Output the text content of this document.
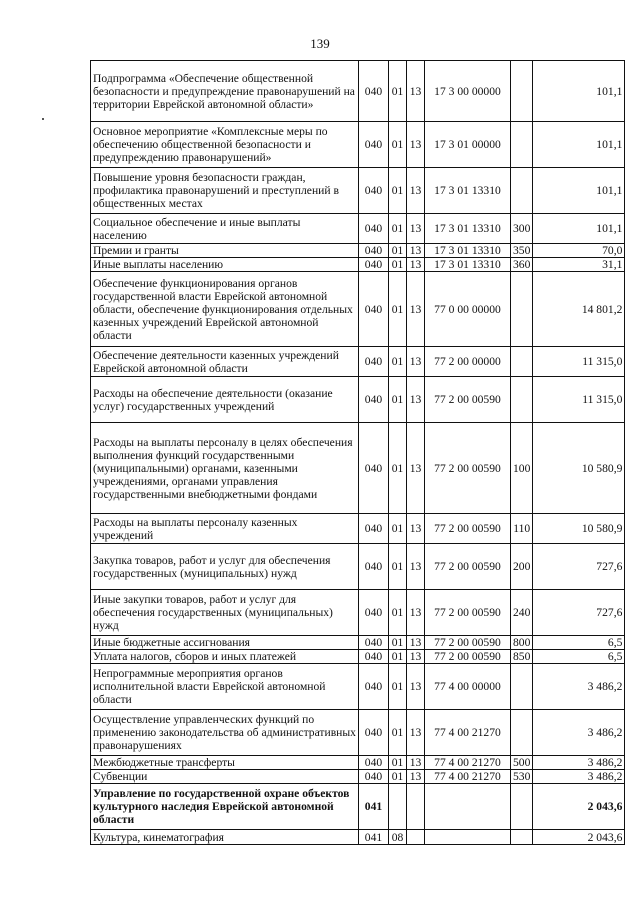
139
Подпрограмма «Обеспечение общественной безопасности и предупреждение правонарушений на территории Еврейской автономной области»	040	01	13	17 3 00 00000		101,1
Основное мероприятие «Комплексные меры по обеспечению общественной безопасности и предупреждению правонарушений»	040	01	13	17 3 01 00000		101,1
Повышение уровня безопасности граждан, профилактика правонарушений и преступлений в общественных местах	040	01	13	17 3 01 13310		101,1
Социальное обеспечение и иные выплаты населению	040	01	13	17 3 01 13310	300	101,1
Премии и гранты	040	01	13	17 3 01 13310	350	70,0
Иные выплаты населению	040	01	13	17 3 01 13310	360	31,1
Обеспечение функционирования органов государственной власти Еврейской автономной области, обеспечение функционирования отдельных казенных учреждений Еврейской автономной области	040	01	13	77 0 00 00000		14 801,2
Обеспечение деятельности казенных учреждений Еврейской автономной области	040	01	13	77 2 00 00000		11 315,0
Расходы на обеспечение деятельности (оказание услуг) государственных учреждений	040	01	13	77 2 00 00590		11 315,0
Расходы на выплаты персоналу в целях обеспечения выполнения функций государственными (муниципальными) органами, казенными учреждениями, органами управления государственными внебюджетными фондами	040	01	13	77 2 00 00590	100	10 580,9
Расходы на выплаты персоналу казенных учреждений	040	01	13	77 2 00 00590	110	10 580,9
Закупка товаров, работ и услуг для обеспечения государственных (муниципальных) нужд	040	01	13	77 2 00 00590	200	727,6
Иные закупки товаров, работ и услуг для обеспечения государственных (муниципальных) нужд	040	01	13	77 2 00 00590	240	727,6
Иные бюджетные ассигнования	040	01	13	77 2 00 00590	800	6,5
Уплата налогов, сборов и иных платежей	040	01	13	77 2 00 00590	850	6,5
Непрограммные мероприятия органов исполнительной власти Еврейской автономной области	040	01	13	77 4 00 00000		3 486,2
Осуществление управленческих функций по применению законодательства об административных правонарушениях	040	01	13	77 4 00 21270		3 486,2
Межбюджетные трансферты	040	01	13	77 4 00 21270	500	3 486,2
Субвенции	040	01	13	77 4 00 21270	530	3 486,2
Управление по государственной охране объектов культурного наследия Еврейской автономной области	041					2 043,6
Культура, кинематография	041	08				2 043,6
